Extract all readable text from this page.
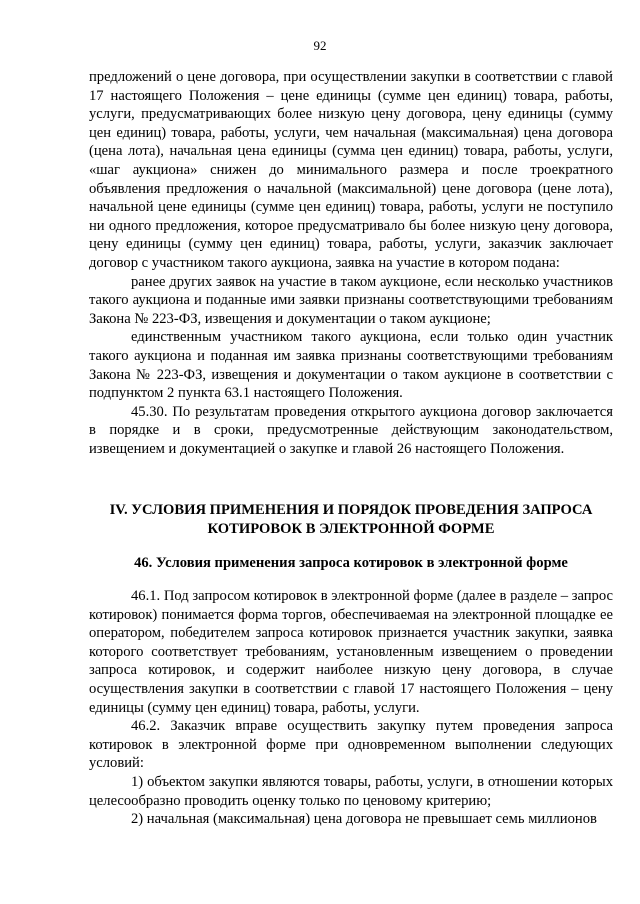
92

предложений о цене договора, при осуществлении закупки в соответствии с главой 17 настоящего Положения – цене единицы (сумме цен единиц) товара, работы, услуги, предусматривающих более низкую цену договора, цену единицы (сумму цен единиц) товара, работы, услуги, чем начальная (максимальная) цена договора (цена лота), начальная цена единицы (сумма цен единиц) товара, работы, услуги, «шаг аукциона» снижен до минимального размера и после троекратного объявления предложения о начальной (максимальной) цене договора (цене лота), начальной цене единицы (сумме цен единиц) товара, работы, услуги не поступило ни одного предложения, которое предусматривало бы более низкую цену договора, цену единицы (сумму цен единиц) товара, работы, услуги, заказчик заключает договор с участником такого аукциона, заявка на участие в котором подана:

ранее других заявок на участие в таком аукционе, если несколько участников такого аукциона и поданные ими заявки признаны соответствующими требованиям Закона № 223-ФЗ, извещения и документации о таком аукционе;

единственным участником такого аукциона, если только один участник такого аукциона и поданная им заявка признаны соответствующими требованиям Закона № 223-ФЗ, извещения и документации о таком аукционе в соответствии с подпунктом 2 пункта 63.1 настоящего Положения.

45.30. По результатам проведения открытого аукциона договор заключается в порядке и в сроки, предусмотренные действующим законодательством, извещением и документацией о закупке и главой 26 настоящего Положения.

IV. УСЛОВИЯ ПРИМЕНЕНИЯ И ПОРЯДОК ПРОВЕДЕНИЯ ЗАПРОСА
КОТИРОВОК В ЭЛЕКТРОННОЙ ФОРМЕ
46. Условия применения запроса котировок в электронной форме

46.1. Под запросом котировок в электронной форме (далее в разделе – запрос котировок) понимается форма торгов, обеспечиваемая на электронной площадке ее оператором, победителем запроса котировок признается участник закупки, заявка которого соответствует требованиям, установленным извещением о проведении запроса котировок, и содержит наиболее низкую цену договора, в случае осуществления закупки в соответствии с главой 17 настоящего Положения – цену единицы (сумму цен единиц) товара, работы, услуги.

46.2. Заказчик вправе осуществить закупку путем проведения запроса котировок в электронной форме при одновременном выполнении следующих условий:

1) объектом закупки являются товары, работы, услуги, в отношении которых целесообразно проводить оценку только по ценовому критерию;

2) начальная (максимальная) цена договора не превышает семь миллионов
